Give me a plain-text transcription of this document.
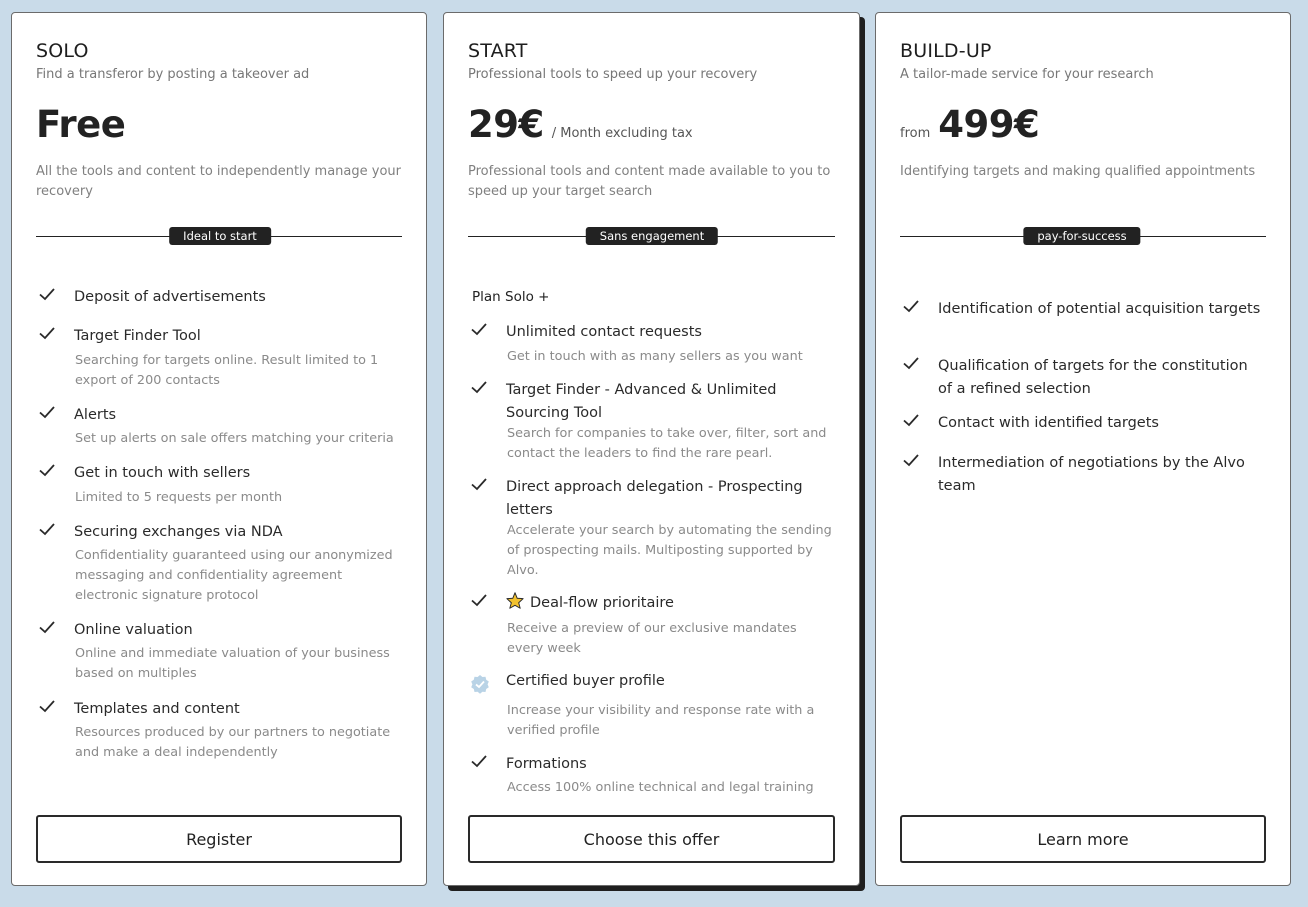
SOLO
Find a transferor by posting a takeover ad
Free
All the tools and content to independently manage your recovery
Ideal to start
Deposit of advertisements
Target Finder Tool
Searching for targets online. Result limited to 1 export of 200 contacts
Alerts
Set up alerts on sale offers matching your criteria
Get in touch with sellers
Limited to 5 requests per month
Securing exchanges via NDA
Confidentiality guaranteed using our anonymized messaging and confidentiality agreement electronic signature protocol
Online valuation
Online and immediate valuation of your business based on multiples
Templates and content
Resources produced by our partners to negotiate and make a deal independently
Register
START
Professional tools to speed up your recovery
29€ / Month excluding tax
Professional tools and content made available to you to speed up your target search
Sans engagement
Plan Solo +
Unlimited contact requests
Get in touch with as many sellers as you want
Target Finder - Advanced & Unlimited Sourcing Tool
Search for companies to take over, filter, sort and contact the leaders to find the rare pearl.
Direct approach delegation - Prospecting letters
Accelerate your search by automating the sending of prospecting mails. Multiposting supported by Alvo.
Deal-flow prioritaire
Receive a preview of our exclusive mandates every week
Certified buyer profile
Increase your visibility and response rate with a verified profile
Formations
Access 100% online technical and legal training
Choose this offer
BUILD-UP
A tailor-made service for your research
from 499€
Identifying targets and making qualified appointments
pay-for-success
Identification of potential acquisition targets
Qualification of targets for the constitution of a refined selection
Contact with identified targets
Intermediation of negotiations by the Alvo team
Learn more
